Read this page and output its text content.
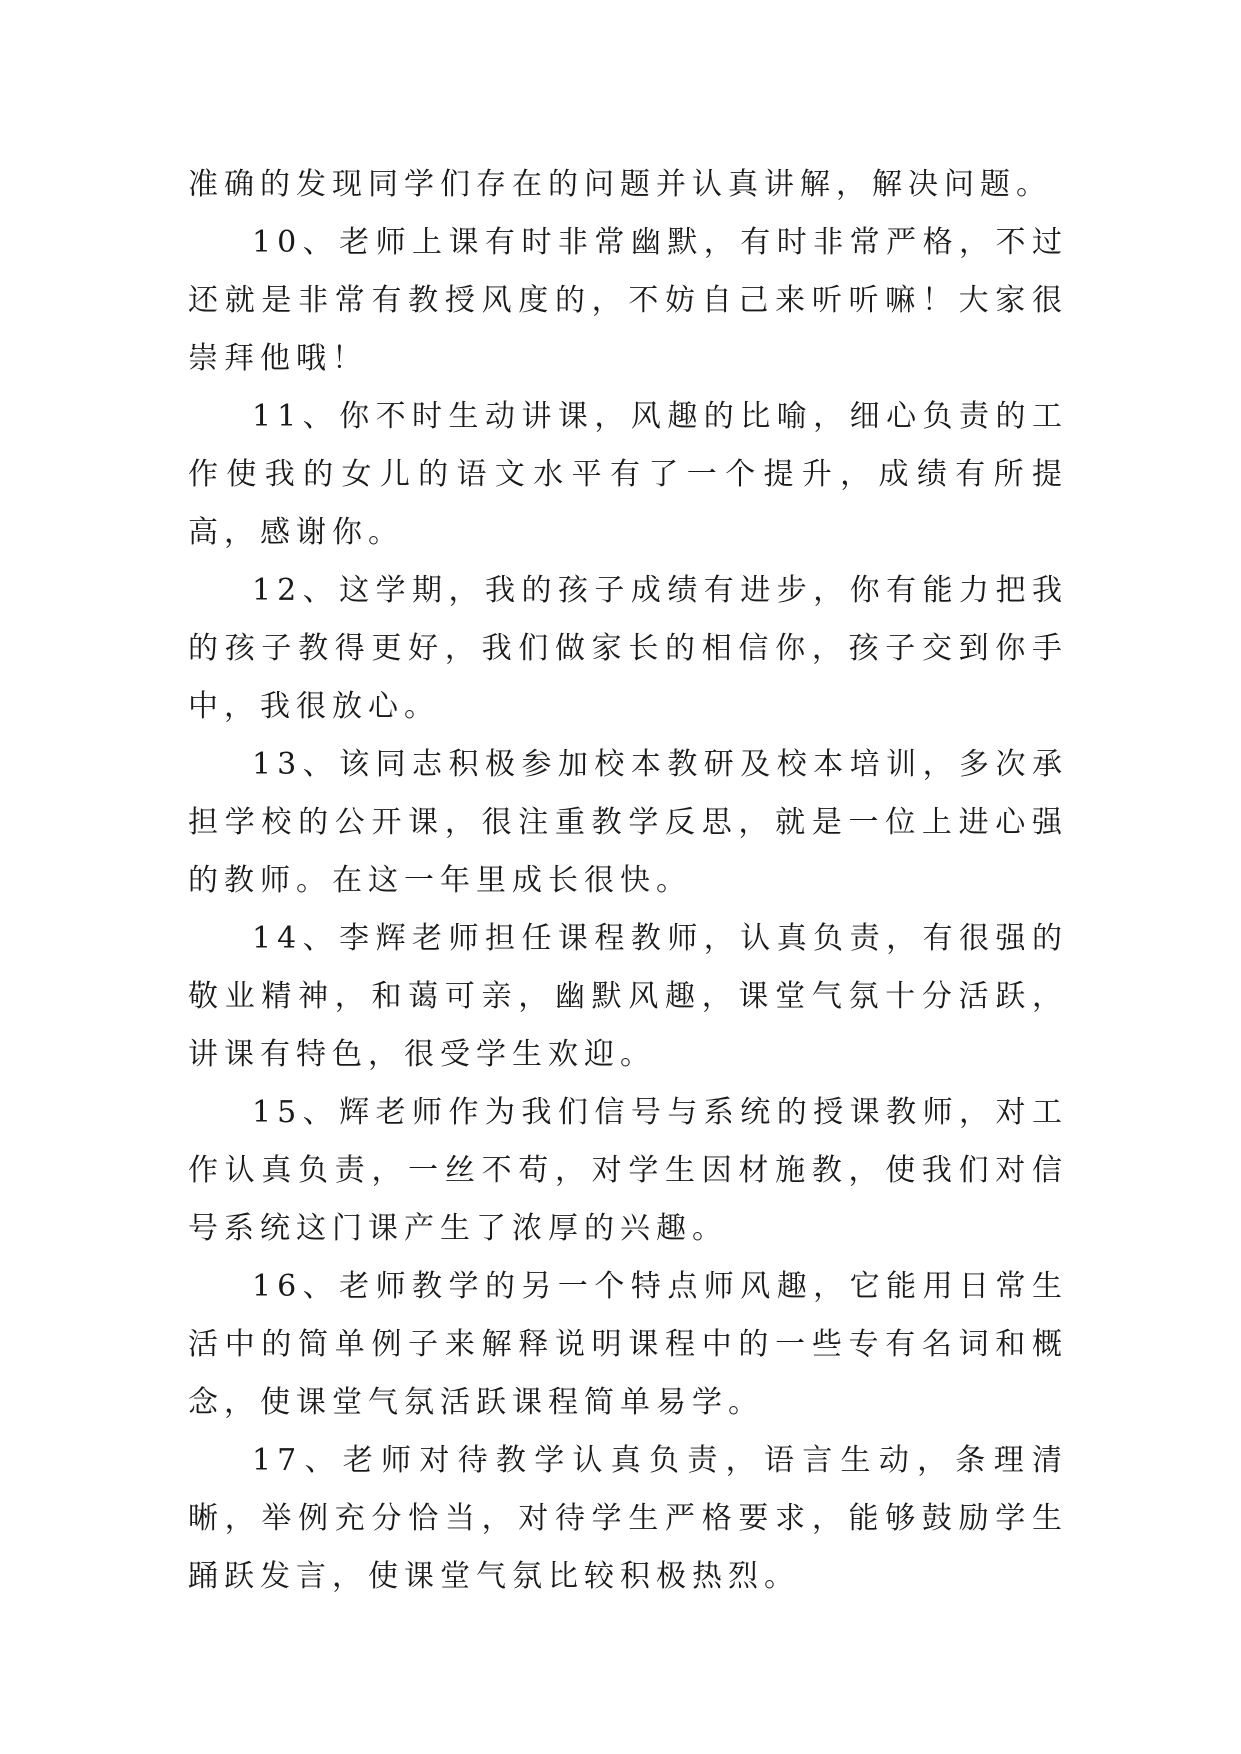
准确的发现同学们存在的问题并认真讲解，解决问题。

10、老师上课有时非常幽默，有时非常严格，不过还就是非常有教授风度的，不妨自己来听听嘛！大家很崇拜他哦！

11、你不时生动讲课，风趣的比喻，细心负责的工作使我的女儿的语文水平有了一个提升，成绩有所提高，感谢你。

12、这学期，我的孩子成绩有进步，你有能力把我的孩子教得更好，我们做家长的相信你，孩子交到你手中，我很放心。

13、该同志积极参加校本教研及校本培训，多次承担学校的公开课，很注重教学反思，就是一位上进心强的教师。在这一年里成长很快。

14、李辉老师担任课程教师，认真负责，有很强的敬业精神，和蔼可亲，幽默风趣，课堂气氛十分活跃，讲课有特色，很受学生欢迎。

15、辉老师作为我们信号与系统的授课教师，对工作认真负责，一丝不苟，对学生因材施教，使我们对信号系统这门课产生了浓厚的兴趣。

16、老师教学的另一个特点师风趣，它能用日常生活中的简单例子来解释说明课程中的一些专有名词和概念，使课堂气氛活跃课程简单易学。

17、老师对待教学认真负责，语言生动，条理清晰，举例充分恰当，对待学生严格要求，能够鼓励学生踊跃发言，使课堂气氛比较积极热烈。
